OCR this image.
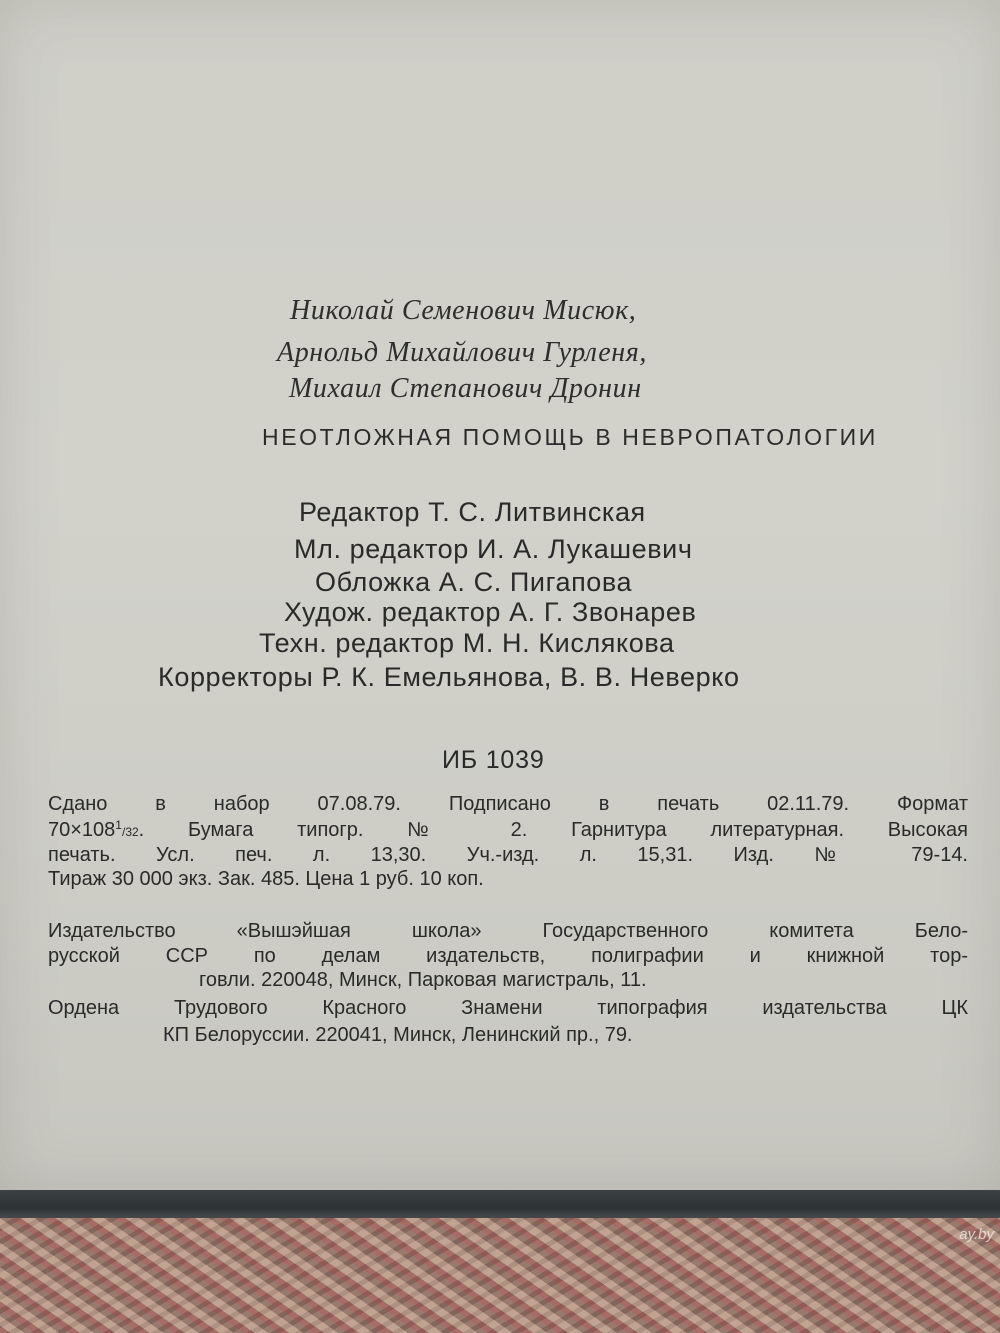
Николай Семенович Мисюк,

Арнольд Михайлович Гурленя,

Михаил Степанович Дронин

НЕОТЛОЖНАЯ ПОМОЩЬ В НЕВРОПАТОЛОГИИ

Редактор Т. С. Литвинская

Мл. редактор И. А. Лукашевич

Обложка А. С. Пигапова

Худож. редактор А. Г. Звонарев

Техн. редактор М. Н. Кислякова

Корректоры Р. К. Емельянова, В. В. Неверко

ИБ 1039

Сдано в набор 07.08.79. Подписано в печать 02.11.79. Формат

$70\times 108^1/32$. Бумага типогр. № 2. Гарнитура литературная. Высокая

печать. Усл. печ. л. 13,30. Уч.-изд. л. 15,31. Изд. № 79-14.

Тираж 30 000 экз. Зак. 485. Цена 1 руб. 10 коп.

Издательство «Вышэйшая школа» Государственного комитета Бело-

русской ССР по делам издательств, полиграфии и книжной тор-

говли. 220048, Минск, Парковая магистраль, 11.

Ордена Трудового Красного Знамени типография издательства ЦК

КП Белоруссии. 220041, Минск, Ленинский пр., 79.

ay.by
